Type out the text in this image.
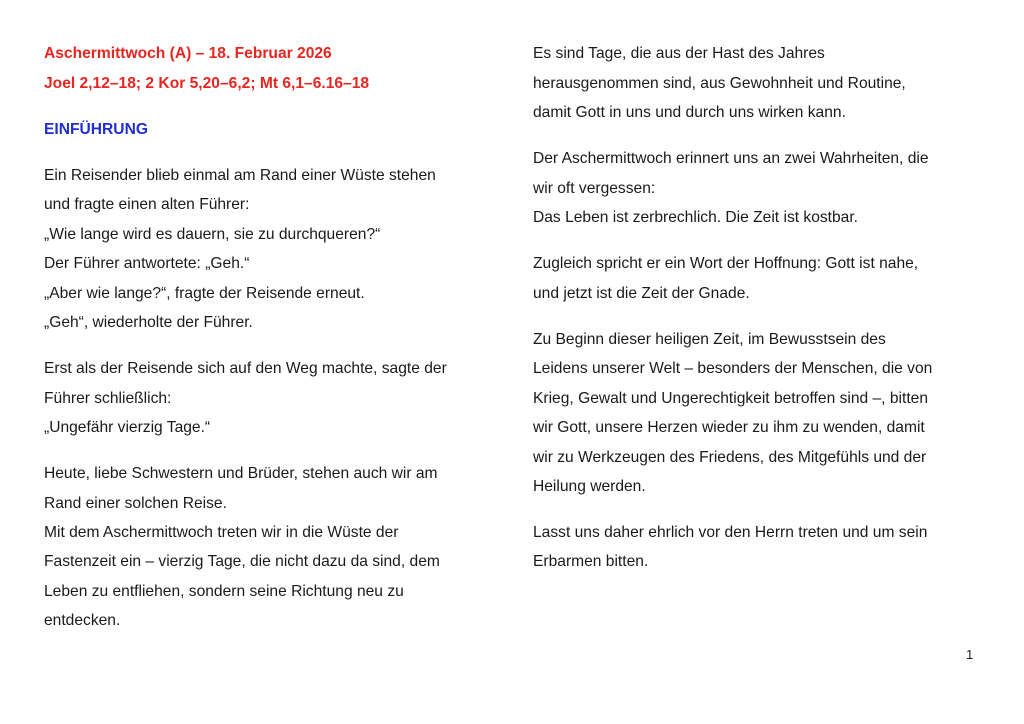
Aschermittwoch (A) – 18. Februar 2026
Joel 2,12–18; 2 Kor 5,20–6,2; Mt 6,1–6.16–18
EINFÜHRUNG
Ein Reisender blieb einmal am Rand einer Wüste stehen
und fragte einen alten Führer:
„Wie lange wird es dauern, sie zu durchqueren?“
Der Führer antwortete: „Geh.“
„Aber wie lange?“, fragte der Reisende erneut.
„Geh“, wiederholte der Führer.
Erst als der Reisende sich auf den Weg machte, sagte der
Führer schließlich:
„Ungefähr vierzig Tage.“
Heute, liebe Schwestern und Brüder, stehen auch wir am
Rand einer solchen Reise.
Mit dem Aschermittwoch treten wir in die Wüste der
Fastenzeit ein – vierzig Tage, die nicht dazu da sind, dem
Leben zu entfliehen, sondern seine Richtung neu zu
entdecken.
Es sind Tage, die aus der Hast des Jahres
herausgenommen sind, aus Gewohnheit und Routine,
damit Gott in uns und durch uns wirken kann.
Der Aschermittwoch erinnert uns an zwei Wahrheiten, die
wir oft vergessen:
Das Leben ist zerbrechlich. Die Zeit ist kostbar.
Zugleich spricht er ein Wort der Hoffnung: Gott ist nahe,
und jetzt ist die Zeit der Gnade.
Zu Beginn dieser heiligen Zeit, im Bewusstsein des
Leidens unserer Welt – besonders der Menschen, die von
Krieg, Gewalt und Ungerechtigkeit betroffen sind –, bitten
wir Gott, unsere Herzen wieder zu ihm zu wenden, damit
wir zu Werkzeugen des Friedens, des Mitgefühls und der
Heilung werden.
Lasst uns daher ehrlich vor den Herrn treten und um sein
Erbarmen bitten.
1
